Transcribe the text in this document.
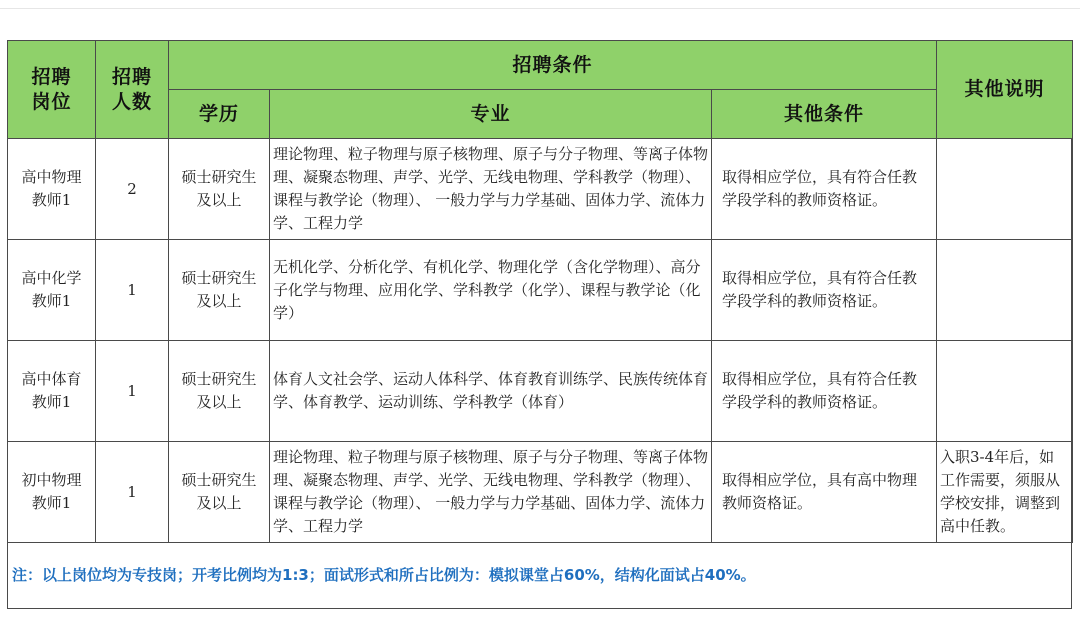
招聘岗位	招聘人数	招聘条件			其他说明
		学历	专业	其他条件	
高中物理教师1	2	硕士研究生及以上	理论物理、粒子物理与原子核物理、原子与分子物理、等离子体物理、凝聚态物理、声学、光学、无线电物理、学科教学（物理）、课程与教学论（物理）、 一般力学与力学基础、固体力学、流体力学、工程力学	取得相应学位，具有符合任教学段学科的教师资格证。	
高中化学教师1	1	硕士研究生及以上	无机化学、分析化学、有机化学、物理化学（含化学物理）、高分子化学与物理、应用化学、学科教学（化学）、课程与教学论（化学）	取得相应学位，具有符合任教学段学科的教师资格证。	
高中体育教师1	1	硕士研究生及以上	体育人文社会学、运动人体科学、体育教育训练学、民族传统体育学、体育教学、运动训练、学科教学（体育）	取得相应学位，具有符合任教学段学科的教师资格证。	
初中物理教师1	1	硕士研究生及以上	理论物理、粒子物理与原子核物理、原子与分子物理、等离子体物理、凝聚态物理、声学、光学、无线电物理、学科教学（物理）、课程与教学论（物理）、 一般力学与力学基础、固体力学、流体力学、工程力学	取得相应学位，具有高中物理教师资格证。	入职3-4年后，如工作需要，须服从学校安排，调整到高中任教。
注：以上岗位均为专技岗；开考比例均为1:3；面试形式和所占比例为：模拟课堂占60%，结构化面试占40%。
